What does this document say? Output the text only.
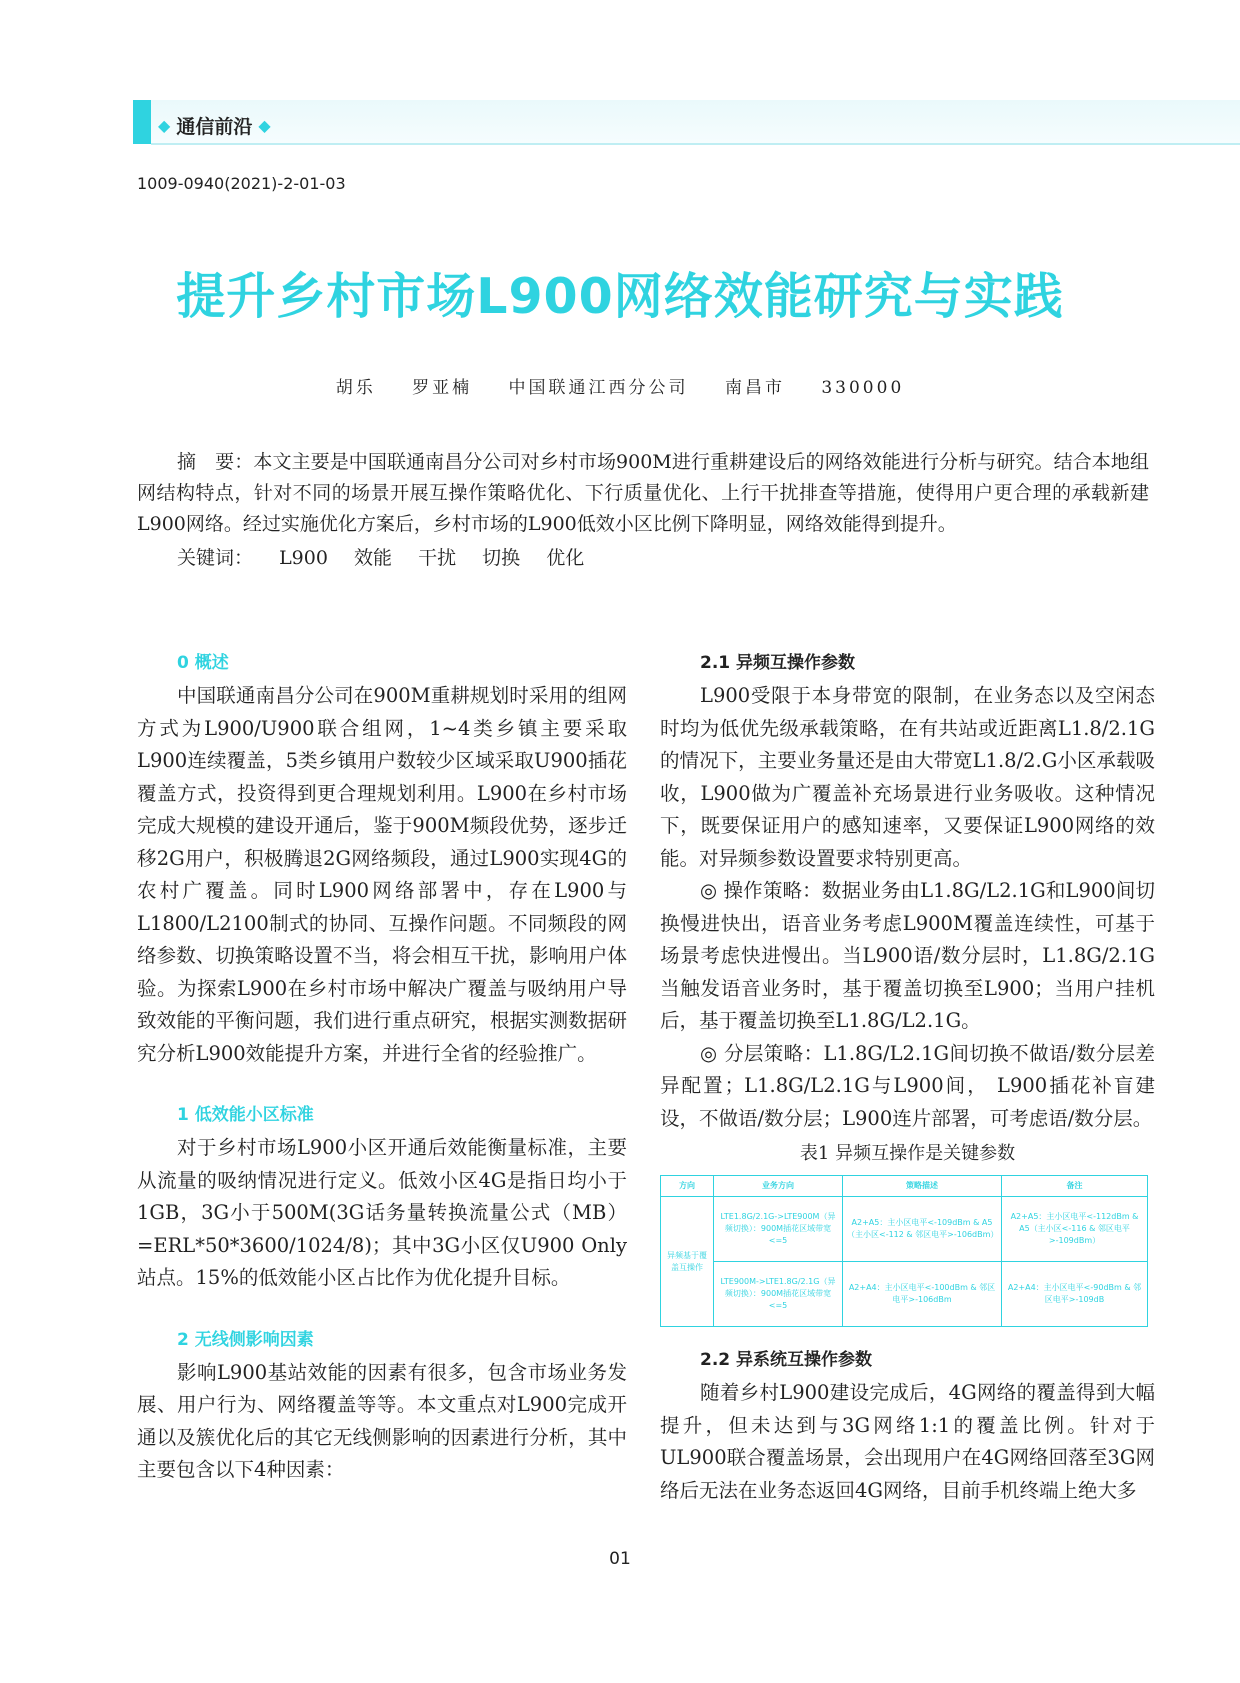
◆ 通信前沿 ◆
1009-0940(2021)-2-01-03
提升乡村市场L900网络效能研究与实践
胡乐 罗亚楠 中国联通江西分公司 南昌市 330000

摘　要：本文主要是中国联通南昌分公司对乡村市场900M进行重耕建设后的网络效能进行分析与研究。结合本地组网结构特点，针对不同的场景开展互操作策略优化、下行质量优化、上行干扰排查等措施，使得用户更合理的承载新建L900网络。经过实施优化方案后，乡村市场的L900低效小区比例下降明显，网络效能得到提升。

关键词： L900 效能 干扰 切换 优化
0 概述

中国联通南昌分公司在900M重耕规划时采用的组网方式为L900/U900联合组网，1~4类乡镇主要采取L900连续覆盖，5类乡镇用户数较少区域采取U900插花覆盖方式，投资得到更合理规划利用。L900在乡村市场完成大规模的建设开通后，鉴于900M频段优势，逐步迁移2G用户，积极腾退2G网络频段，通过L900实现4G的农村广覆盖。同时L900网络部署中，存在L900与L1800/L2100制式的协同、互操作问题。不同频段的网络参数、切换策略设置不当，将会相互干扰，影响用户体验。为探索L900在乡村市场中解决广覆盖与吸纳用户导致效能的平衡问题，我们进行重点研究，根据实测数据研究分析L900效能提升方案，并进行全省的经验推广。

1 低效能小区标准

对于乡村市场L900小区开通后效能衡量标准，主要从流量的吸纳情况进行定义。低效小区4G是指日均小于1GB，3G小于500M(3G话务量转换流量公式（MB）=ERL*50*3600/1024/8)；其中3G小区仅U900 Only站点。15%的低效能小区占比作为优化提升目标。

2 无线侧影响因素

影响L900基站效能的因素有很多，包含市场业务发展、用户行为、网络覆盖等等。本文重点对L900完成开通以及簇优化后的其它无线侧影响的因素进行分析，其中主要包含以下4种因素：

2.1 异频互操作参数

L900受限于本身带宽的限制，在业务态以及空闲态时均为低优先级承载策略，在有共站或近距离L1.8/2.1G的情况下，主要业务量还是由大带宽L1.8/2.G小区承载吸收，L900做为广覆盖补充场景进行业务吸收。这种情况下，既要保证用户的感知速率，又要保证L900网络的效能。对异频参数设置要求特别更高。

◎ 操作策略：数据业务由L1.8G/L2.1G和L900间切换慢进快出，语音业务考虑L900M覆盖连续性，可基于场景考虑快进慢出。当L900语/数分层时，L1.8G/2.1G当触发语音业务时，基于覆盖切换至L900；当用户挂机后，基于覆盖切换至L1.8G/L2.1G。

◎ 分层策略：L1.8G/L2.1G间切换不做语/数分层差异配置；L1.8G/L2.1G与L900间， L900插花补盲建设，不做语/数分层；L900连片部署，可考虑语/数分层。

表1 异频互操作是关键参数
方向	业务方向	策略描述	备注
异频基于覆盖互操作	LTE1.8G/2.1G->LTE900M（异频切换）：900M插花区域带宽<=5	A2+A5：主小区电平<-109dBm & A5（主小区<-112 & 邻区电平>-106dBm）	A2+A5：主小区电平<-112dBm & A5（主小区<-116 & 邻区电平>-109dBm）
	LTE900M->LTE1.8G/2.1G（异频切换）：900M插花区域带宽<=5	A2+A4：主小区电平<-100dBm & 邻区电平>-106dBm	A2+A4：主小区电平<-90dBm & 邻区电平>-109dB
2.2 异系统互操作参数

随着乡村L900建设完成后，4G网络的覆盖得到大幅提升，但未达到与3G网络1:1的覆盖比例。针对于UL900联合覆盖场景，会出现用户在4G网络回落至3G网络后无法在业务态返回4G网络，目前手机终端上绝大多

01
